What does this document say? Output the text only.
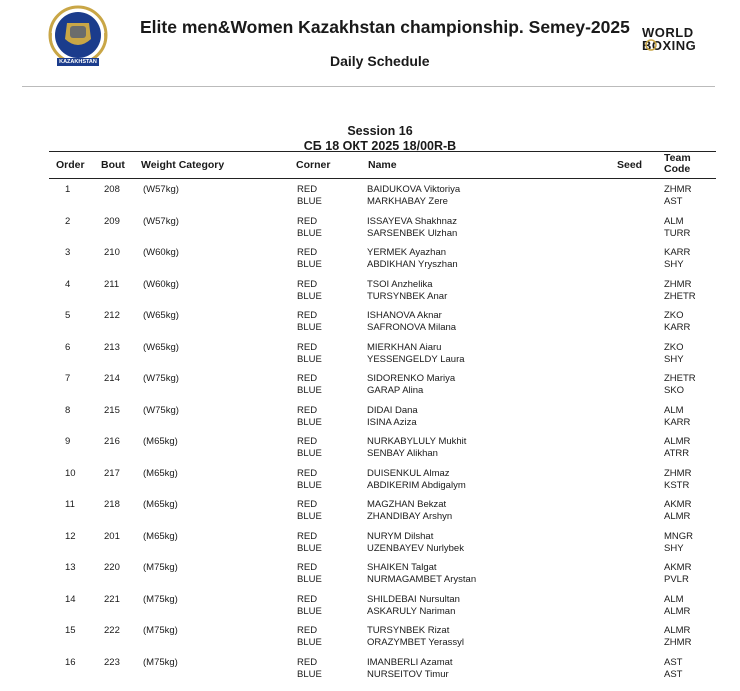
KAZAKHSTAN
Elite men&Women Kazakhstan championship. Semey-2025
Daily Schedule
WORLD
BOXING
Session 16
СБ 18 ОКТ 2025 18/00R-B
Order Bout Weight Category	Corner	Name	Seed
Team
Code
1	208 (W57kg)	RED	BAIDUKOVA Viktoriya	ZHMR
BLUE	MARKHABAY Zere	AST
2	209 (W57kg)	RED	ISSAYEVA Shakhnaz	ALM
BLUE	SARSENBEK Ulzhan	TURR
3	210 (W60kg)	RED	YERMEK Ayazhan	KARR
BLUE	ABDIKHAN Yryszhan	SHY
4	211	(W60kg)	RED	TSOI Anzhelika	ZHMR
BLUE	TURSYNBEK Anar	ZHETR
5	212 (W65kg)	RED	ISHANOVA Aknar	ZKO
BLUE	SAFRONOVA Milana	KARR
6	213 (W65kg)	RED	MIERKHAN Aiaru	ZKO
BLUE	YESSENGELDY Laura	SHY
7	214 (W75kg)	RED	SIDORENKO Mariya	ZHETR
BLUE	GARAP Alina	SKO
8	215 (W75kg)	RED	DIDAI Dana	ALM
BLUE	ISINA Aziza	KARR
9	216 (M65kg)	RED	NURKABYLULY Mukhit	ALMR
BLUE	SENBAY Alikhan	ATRR
10	217 (M65kg)	RED	DUISENKUL Almaz	ZHMR
BLUE	ABDIKERIM Abdigalym	KSTR
11	218 (M65kg)	RED	MAGZHAN Bekzat	AKMR
BLUE	ZHANDIBAY Arshyn	ALMR
12	201 (M65kg)	RED	NURYM Dilshat	MNGR
BLUE	UZENBAYEV Nurlybek	SHY
13	220 (M75kg)	RED	SHAIKEN Talgat	AKMR
BLUE	NURMAGAMBET Arystan	PVLR
14	221 (M75kg)	RED	SHILDEBAI Nursultan	ALM
BLUE	ASKARULY Nariman	ALMR
15	222 (M75kg)	RED	TURSYNBEK Rizat	ALMR
BLUE	ORAZYMBET Yerassyl	ZHMR
16	223 (M75kg)	RED	IMANBERLI Azamat	AST
BLUE	NURSEITOV Timur	AST
